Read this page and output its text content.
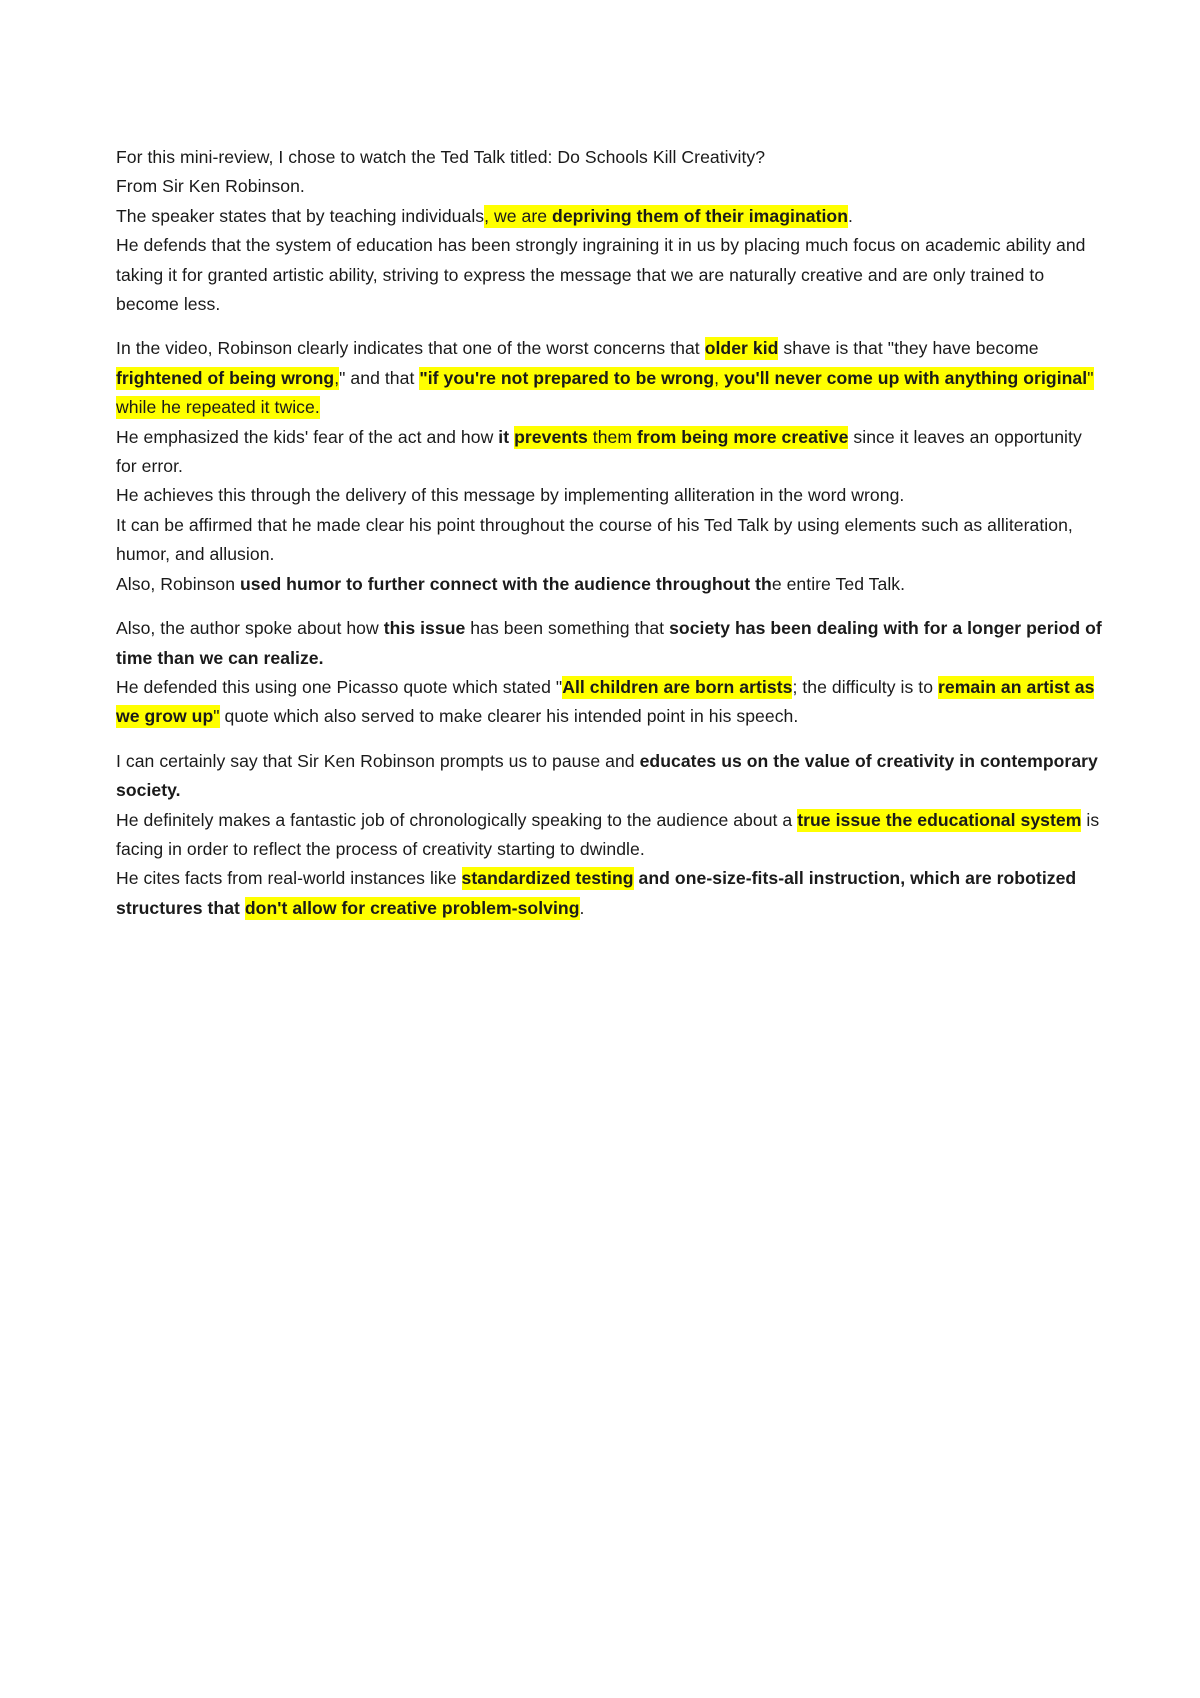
For this mini-review, I chose to watch the Ted Talk titled: Do Schools Kill Creativity?
From Sir Ken Robinson.
The speaker states that by teaching individuals, we are depriving them of their imagination.
He defends that the system of education has been strongly ingraining it in us by placing much focus on academic ability and taking it for granted artistic ability, striving to express the message that we are naturally creative and are only trained to become less.
In the video, Robinson clearly indicates that one of the worst concerns that older kid shave is that "they have become frightened of being wrong," and that "if you're not prepared to be wrong, you'll never come up with anything original" while he repeated it twice.
He emphasized the kids' fear of the act and how it prevents them from being more creative since it leaves an opportunity for error.
He achieves this through the delivery of this message by implementing alliteration in the word wrong.
It can be affirmed that he made clear his point throughout the course of his Ted Talk by using elements such as alliteration, humor, and allusion.
Also, Robinson used humor to further connect with the audience throughout the entire Ted Talk.
Also, the author spoke about how this issue has been something that society has been dealing with for a longer period of time than we can realize.
He defended this using one Picasso quote which stated "All children are born artists; the difficulty is to remain an artist as we grow up" quote which also served to make clearer his intended point in his speech.
I can certainly say that Sir Ken Robinson prompts us to pause and educates us on the value of creativity in contemporary society.
He definitely makes a fantastic job of chronologically speaking to the audience about a true issue the educational system is facing in order to reflect the process of creativity starting to dwindle.
He cites facts from real-world instances like standardized testing and one-size-fits-all instruction, which are robotized structures that don't allow for creative problem-solving.
